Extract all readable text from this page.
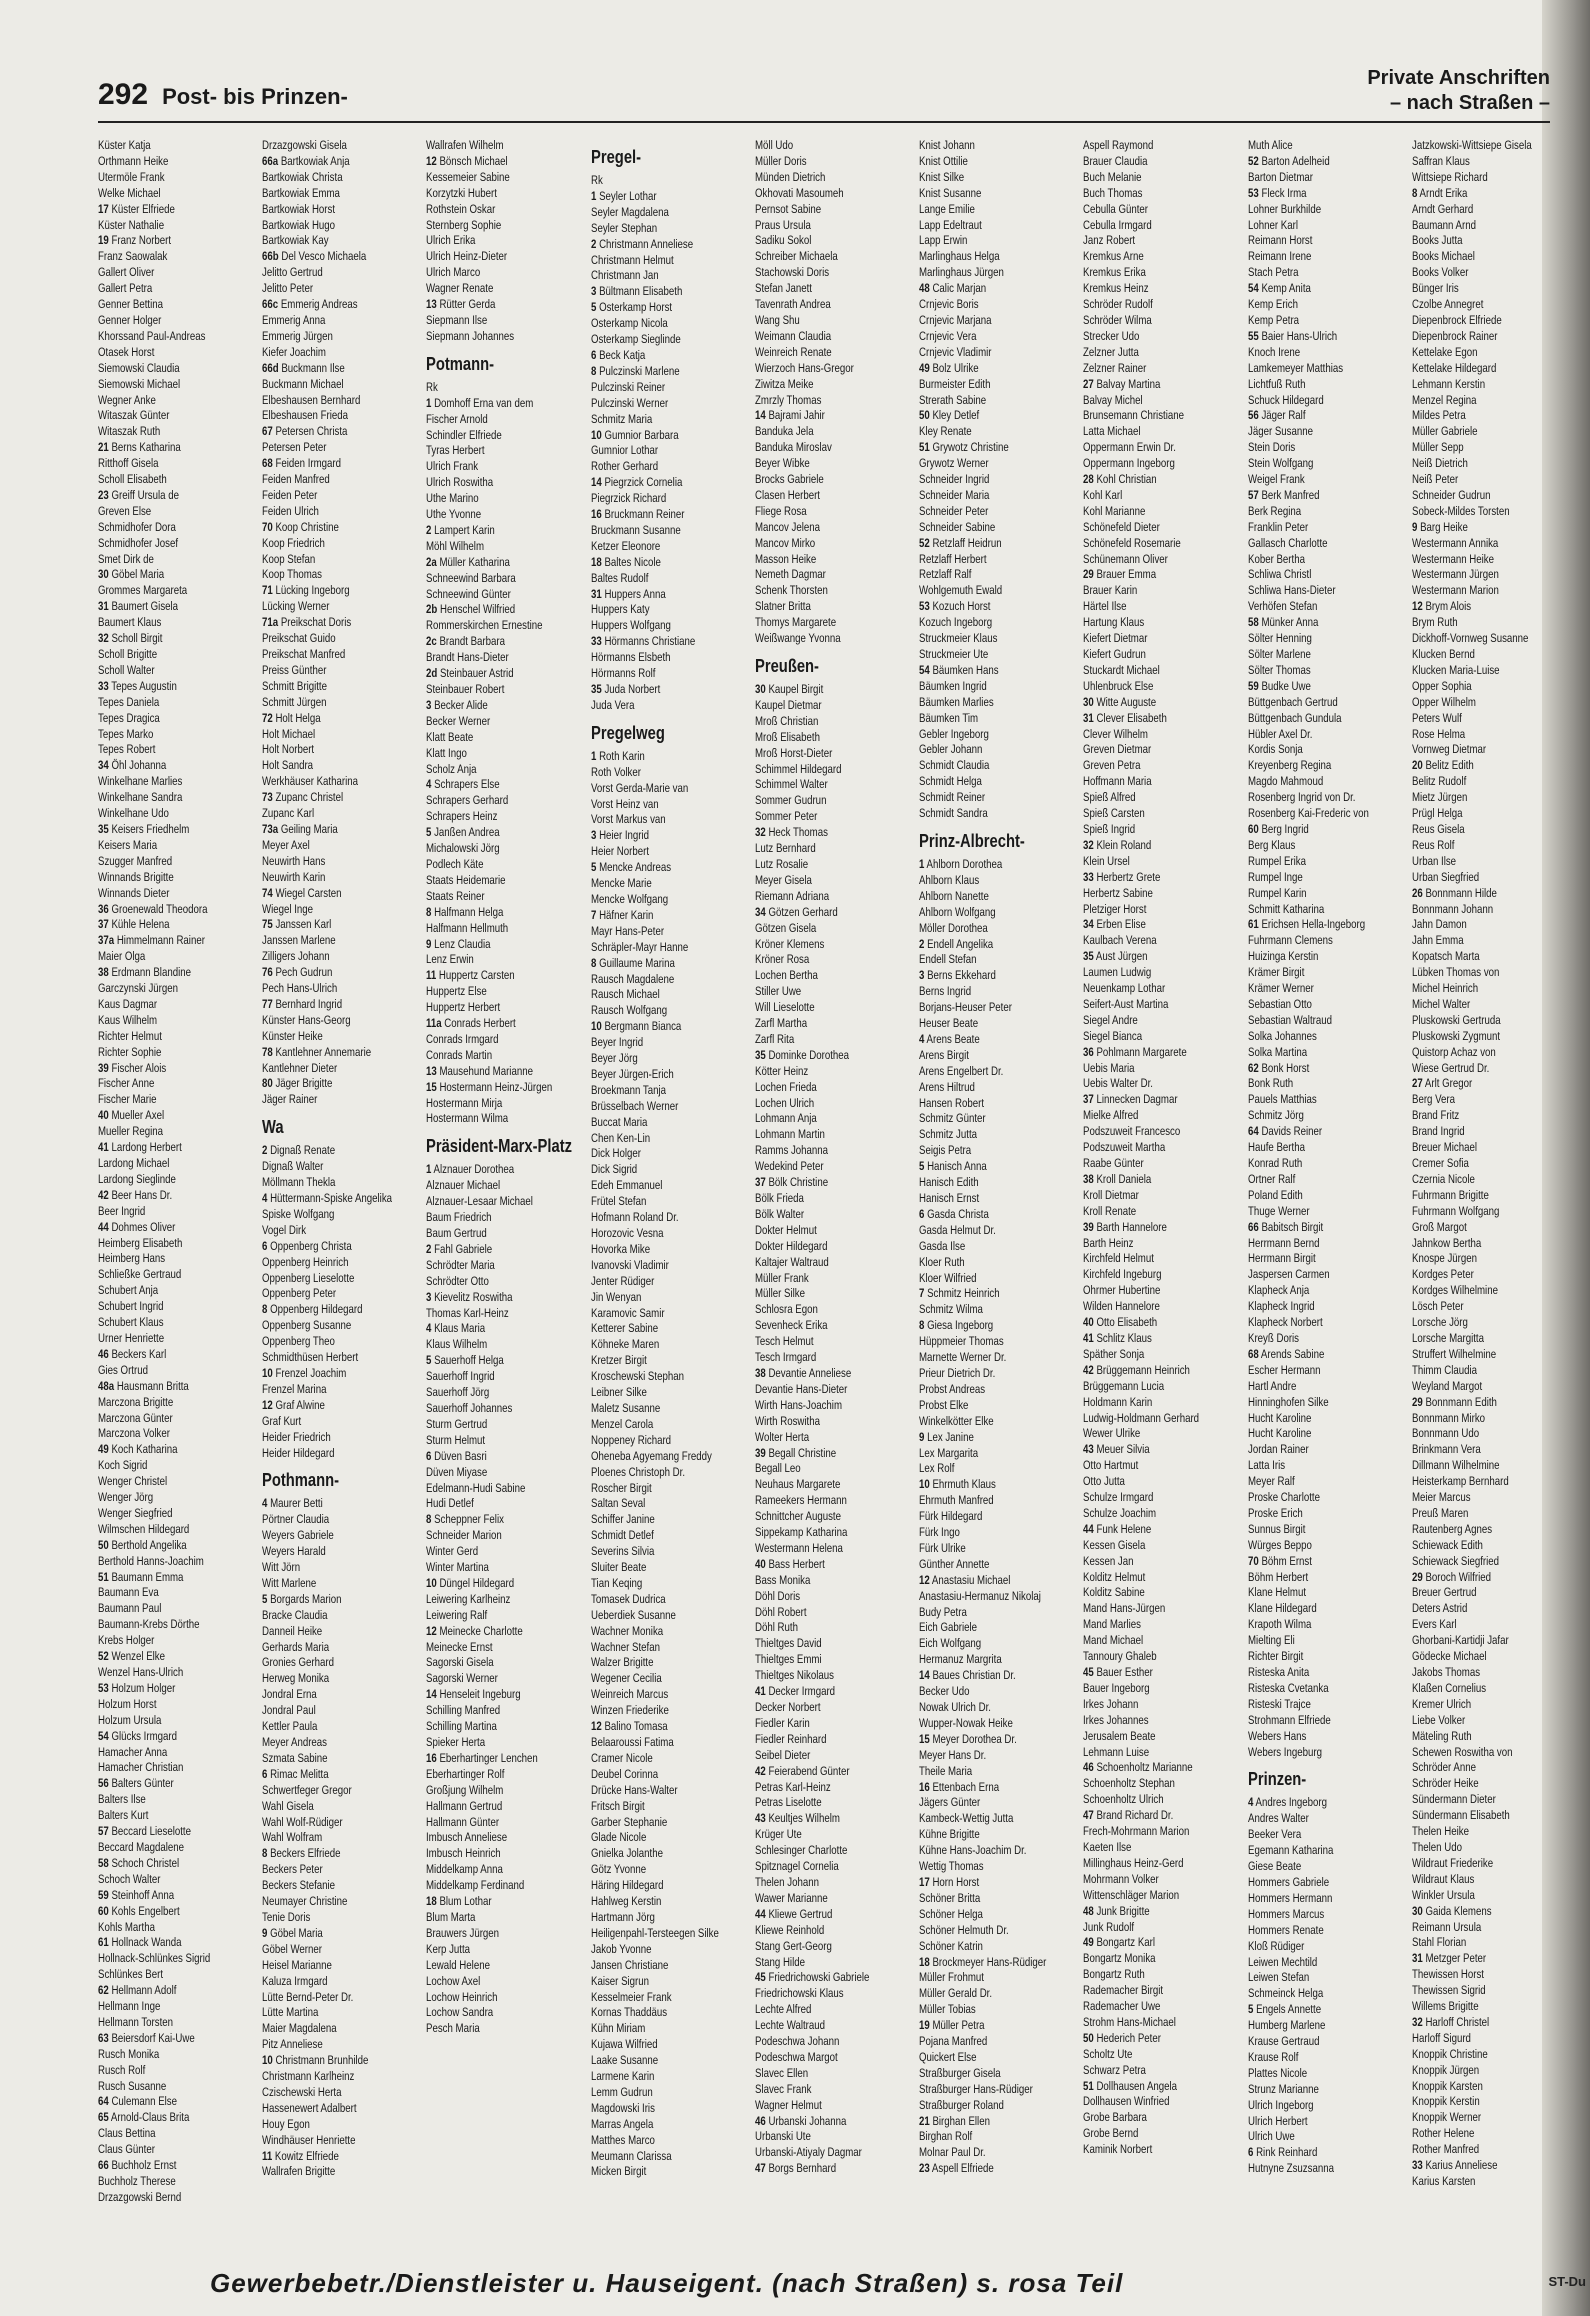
292 Post- bis Prinzen-
Private Anschriften
– nach Straßen –
Küster Katja
Orthmann Heike
Utermöle Frank
Welke Michael
17 Küster Elfriede
Küster Nathalie
19 Franz Norbert
Franz Saowalak
Gallert Oliver
Gallert Petra
Genner Bettina
Genner Holger
Khorssand Paul-Andreas
Otasek Horst
Siemowski Claudia
Siemowski Michael
Wegner Anke
Witaszak Günter
Witaszak Ruth
21 Berns Katharina
Ritthoff Gisela
Scholl Elisabeth
23 Greiff Ursula de
Greven Else
Schmidhofer Dora
Schmidhofer Josef
Smet Dirk de
30 Göbel Maria
Grommes Margareta
31 Baumert Gisela
Baumert Klaus
32 Scholl Birgit
Scholl Brigitte
Scholl Walter
33 Tepes Augustin
Tepes Daniela
Tepes Dragica
Tepes Marko
Tepes Robert
34 Öhl Johanna
Winkelhane Marlies
Winkelhane Sandra
Winkelhane Udo
35 Keisers Friedhelm
Keisers Maria
Szugger Manfred
Winnands Brigitte
Winnands Dieter
36 Groenewald Theodora
37 Kühle Helena
37a Himmelmann Rainer
Maier Olga
38 Erdmann Blandine
Garczynski Jürgen
Kaus Dagmar
Kaus Wilhelm
Richter Helmut
Richter Sophie
39 Fischer Alois
Fischer Anne
Fischer Marie
40 Mueller Axel
Mueller Regina
41 Lardong Herbert
Lardong Michael
Lardong Sieglinde
42 Beer Hans Dr.
Beer Ingrid
44 Dohmes Oliver
Heimberg Elisabeth
Heimberg Hans
Schließke Gertraud
Schubert Anja
Schubert Ingrid
Schubert Klaus
Urner Henriette
46 Beckers Karl
Gies Ortrud
48a Hausmann Britta
Marczona Brigitte
Marczona Günter
Marczona Volker
49 Koch Katharina
Koch Sigrid
Wenger Christel
Wenger Jörg
Wenger Siegfried
Wilmschen Hildegard
50 Berthold Angelika
Berthold Hanns-Joachim
51 Baumann Emma
Baumann Eva
Baumann Paul
Baumann-Krebs Dörthe
Krebs Holger
52 Wenzel Elke
Wenzel Hans-Ulrich
53 Holzum Holger
Holzum Horst
Holzum Ursula
54 Glücks Irmgard
Hamacher Anna
Hamacher Christian
56 Balters Günter
Balters Ilse
Balters Kurt
57 Beccard Lieselotte
Beccard Magdalene
58 Schoch Christel
Schoch Walter
59 Steinhoff Anna
60 Kohls Engelbert
Kohls Martha
61 Hollnack Wanda
Hollnack-Schlünkes Sigrid
Schlünkes Bert
62 Hellmann Adolf
Hellmann Inge
Hellmann Torsten
63 Beiersdorf Kai-Uwe
Rusch Monika
Rusch Rolf
Rusch Susanne
64 Culemann Else
65 Arnold-Claus Brita
Claus Bettina
Claus Günter
66 Buchholz Ernst
Buchholz Therese
Drzazgowski Bernd
Drzazgowski Gisela
66a Bartkowiak Anja
Bartkowiak Christa
Bartkowiak Emma
Bartkowiak Horst
Bartkowiak Hugo
Bartkowiak Kay
66b Del Vesco Michaela
Jelitto Gertrud
Jelitto Peter
66c Emmerig Andreas
Emmerig Anna
Emmerig Jürgen
Kiefer Joachim
66d Buckmann Ilse
Buckmann Michael
Elbeshausen Bernhard
Elbeshausen Frieda
67 Petersen Christa
Petersen Peter
68 Feiden Irmgard
Feiden Manfred
Feiden Peter
Feiden Ulrich
70 Koop Christine
Koop Friedrich
Koop Stefan
Koop Thomas
71 Lücking Ingeborg
Lücking Werner
71a Preikschat Doris
Preikschat Guido
Preikschat Manfred
Preiss Günther
Schmitt Brigitte
Schmitt Jürgen
72 Holt Helga
Holt Michael
Holt Norbert
Holt Sandra
Werkhäuser Katharina
73 Zupanc Christel
Zupanc Karl
73a Geiling Maria
Meyer Axel
Neuwirth Hans
Neuwirth Karin
74 Wiegel Carsten
Wiegel Inge
75 Janssen Karl
Janssen Marlene
Zilligers Johann
76 Pech Gudrun
Pech Hans-Ulrich
77 Bernhard Ingrid
Künster Hans-Georg
Künster Heike
78 Kantlehner Annemarie
Kantlehner Dieter
80 Jäger Brigitte
Jäger Rainer
Wa
2 Dignaß Renate
Dignaß Walter
Möllmann Thekla
4 Hüttermann-Spiske Angelika
Spiske Wolfgang
Vogel Dirk
6 Oppenberg Christa
Oppenberg Heinrich
Oppenberg Lieselotte
Oppenberg Peter
8 Oppenberg Hildegard
Oppenberg Susanne
Oppenberg Theo
Schmidthüsen Herbert
10 Frenzel Joachim
Frenzel Marina
12 Graf Alwine
Graf Kurt
Heider Friedrich
Heider Hildegard
Pothmann-
4 Maurer Betti
Pörtner Claudia
Weyers Gabriele
Weyers Harald
Witt Jörn
Witt Marlene
5 Borgards Marion
Bracke Claudia
Danneil Heike
Gerhards Maria
Gronies Gerhard
Herweg Monika
Jondral Erna
Jondral Paul
Kettler Paula
Meyer Andreas
Szmata Sabine
6 Rimac Melitta
Schwertfeger Gregor
Wahl Gisela
Wahl Wolf-Rüdiger
Wahl Wolfram
8 Beckers Elfriede
Beckers Peter
Beckers Stefanie
Neumayer Christine
Tenie Doris
9 Göbel Maria
Göbel Werner
Heisel Marianne
Kaluza Irmgard
Lütte Bernd-Peter Dr.
Lütte Martina
Maier Magdalena
Pitz Anneliese
10 Christmann Brunhilde
Christmann Karlheinz
Czischewski Herta
Hassenewert Adalbert
Houy Egon
Windhäuser Henriette
11 Kowitz Elfriede
Wallrafen Brigitte
Wallrafen Wilhelm
12 Bönsch Michael
Kessemeier Sabine
Korzytzki Hubert
Rothstein Oskar
Sternberg Sophie
Ulrich Erika
Ulrich Heinz-Dieter
Ulrich Marco
Wagner Renate
13 Rütter Gerda
Siepmann Ilse
Siepmann Johannes
Potmann-
Rk
1 Domhoff Erna van dem
Fischer Arnold
Schindler Elfriede
Tyras Herbert
Ulrich Frank
Ulrich Roswitha
Uthe Marino
Uthe Yvonne
2 Lampert Karin
Möhl Wilhelm
2a Müller Katharina
Schneewind Barbara
Schneewind Günter
2b Henschel Wilfried
Rommerskirchen Ernestine
2c Brandt Barbara
Brandt Hans-Dieter
2d Steinbauer Astrid
Steinbauer Robert
3 Becker Alide
Becker Werner
Klatt Beate
Klatt Ingo
Scholz Anja
4 Schrapers Else
Schrapers Gerhard
Schrapers Heinz
5 Janßen Andrea
Michalowski Jörg
Podlech Käte
Staats Heidemarie
Staats Reiner
8 Halfmann Helga
Halfmann Hellmuth
9 Lenz Claudia
Lenz Erwin
11 Huppertz Carsten
Huppertz Else
Huppertz Herbert
11a Conrads Herbert
Conrads Irmgard
Conrads Martin
13 Mausehund Marianne
15 Hostermann Heinz-Jürgen
Hostermann Mirja
Hostermann Wilma
Präsident-Marx-Platz
1 Alznauer Dorothea
Alznauer Michael
Alznauer-Lesaar Michael
Baum Friedrich
Baum Gertrud
2 Fahl Gabriele
Schrödter Maria
Schrödter Otto
3 Kievelitz Roswitha
Thomas Karl-Heinz
4 Klaus Maria
Klaus Wilhelm
5 Sauerhoff Helga
Sauerhoff Ingrid
Sauerhoff Jörg
Sauerhoff Johannes
Sturm Gertrud
Sturm Helmut
6 Düven Basri
Düven Miyase
Edelmann-Hudi Sabine
Hudi Detlef
8 Scheppner Felix
Schneider Marion
Winter Gerd
Winter Martina
10 Düngel Hildegard
Leiwering Karlheinz
Leiwering Ralf
12 Meinecke Charlotte
Meinecke Ernst
Sagorski Gisela
Sagorski Werner
14 Henseleit Ingeburg
Schilling Manfred
Schilling Martina
Spieker Herta
16 Eberhartinger Lenchen
Eberhartinger Rolf
Großjung Wilhelm
Hallmann Gertrud
Hallmann Günter
Imbusch Anneliese
Imbusch Heinrich
Middelkamp Anna
Middelkamp Ferdinand
18 Blum Lothar
Blum Marta
Brauwers Jürgen
Kerp Jutta
Lewald Helene
Lochow Axel
Lochow Heinrich
Lochow Sandra
Pesch Maria
Pregel-
Rk
1 Seyler Lothar
Seyler Magdalena
Seyler Stephan
2 Christmann Anneliese
Christmann Helmut
Christmann Jan
3 Bültmann Elisabeth
5 Osterkamp Horst
Osterkamp Nicola
Osterkamp Sieglinde
6 Beck Katja
8 Pulczinski Marlene
Pulczinski Reiner
Pulczinski Werner
Schmitz Maria
10 Gumnior Barbara
Gumnior Lothar
Rother Gerhard
14 Piegrzick Cornelia
Piegrzick Richard
16 Bruckmann Reiner
Bruckmann Susanne
Ketzer Eleonore
18 Baltes Nicole
Baltes Rudolf
31 Huppers Anna
Huppers Katy
Huppers Wolfgang
33 Hörmanns Christiane
Hörmanns Elsbeth
Hörmanns Rolf
35 Juda Norbert
Juda Vera
Pregelweg
1 Roth Karin
Roth Volker
Vorst Gerda-Marie van
Vorst Heinz van
Vorst Markus van
3 Heier Ingrid
Heier Norbert
5 Mencke Andreas
Mencke Marie
Mencke Wolfgang
7 Häfner Karin
Mayr Hans-Peter
Schräpler-Mayr Hanne
8 Guillaume Marina
Rausch Magdalene
Rausch Michael
Rausch Wolfgang
10 Bergmann Bianca
Beyer Ingrid
Beyer Jörg
Beyer Jürgen-Erich
Broekmann Tanja
Brüsselbach Werner
Buccat Maria
Chen Ken-Lin
Dick Holger
Dick Sigrid
Edeh Emmanuel
Frütel Stefan
Hofmann Roland Dr.
Horozovic Vesna
Hovorka Mike
Ivanovski Vladimir
Jenter Rüdiger
Jin Wenyan
Karamovic Samir
Ketterer Sabine
Köhneke Maren
Kretzer Birgit
Kroschewski Stephan
Leibner Silke
Maletz Susanne
Menzel Carola
Noppeney Richard
Oheneba Agyemang Freddy
Ploenes Christoph Dr.
Roscher Birgit
Saltan Seval
Schiffer Janine
Schmidt Detlef
Severins Silvia
Sluiter Beate
Tian Keqing
Tomasek Dudrica
Ueberdiek Susanne
Wachner Monika
Wachner Stefan
Walzer Brigitte
Wegener Cecilia
Weinreich Marcus
Winzen Friederike
12 Balino Tomasa
Belaaroussi Fatima
Cramer Nicole
Deubel Corinna
Drücke Hans-Walter
Fritsch Birgit
Garber Stephanie
Glade Nicole
Gnielka Jolanthe
Götz Yvonne
Häring Hildegard
Hahlweg Kerstin
Hartmann Jörg
Heiligenpahl-Tersteegen Silke
Jakob Yvonne
Jansen Christiane
Kaiser Sigrun
Kesselmeier Frank
Kornas Thaddäus
Kühn Miriam
Kujawa Wilfried
Laake Susanne
Larmene Karin
Lemm Gudrun
Magdowski Iris
Marras Angela
Matthes Marco
Meumann Clarissa
Micken Birgit
Möll Udo
Müller Doris
Münden Dietrich
Okhovati Masoumeh
Pernsot Sabine
Praus Ursula
Sadiku Sokol
Schreiber Michaela
Stachowski Doris
Stefan Janett
Tavenrath Andrea
Wang Shu
Weimann Claudia
Weinreich Renate
Wierzoch Hans-Gregor
Ziwitza Meike
Zmrzly Thomas
14 Bajrami Jahir
Banduka Jela
Banduka Miroslav
Beyer Wibke
Brocks Gabriele
Clasen Herbert
Fliege Rosa
Mancov Jelena
Mancov Mirko
Masson Heike
Nemeth Dagmar
Schenk Thorsten
Slatner Britta
Thomys Margarete
Weißwange Yvonna
Preußen-
30 Kaupel Birgit
Kaupel Dietmar
Mroß Christian
Mroß Elisabeth
Mroß Horst-Dieter
Schimmel Hildegard
Schimmel Walter
Sommer Gudrun
Sommer Peter
32 Heck Thomas
Lutz Bernhard
Lutz Rosalie
Meyer Gisela
Riemann Adriana
34 Götzen Gerhard
Götzen Gisela
Kröner Klemens
Kröner Rosa
Lochen Bertha
Stiller Uwe
Will Lieselotte
Zarfl Martha
Zarfl Rita
35 Dominke Dorothea
Kötter Heinz
Lochen Frieda
Lochen Ulrich
Lohmann Anja
Lohmann Martin
Ramms Johanna
Wedekind Peter
37 Bölk Christine
Bölk Frieda
Bölk Walter
Dokter Helmut
Dokter Hildegard
Kaltajer Waltraud
Müller Frank
Müller Silke
Schlosra Egon
Sevenheck Erika
Tesch Helmut
Tesch Irmgard
38 Devantie Anneliese
Devantie Hans-Dieter
Wirth Hans-Joachim
Wirth Roswitha
Wolter Herta
39 Begall Christine
Begall Leo
Neuhaus Margarete
Rameekers Hermann
Schnittcher Auguste
Sippekamp Katharina
Westermann Helena
40 Bass Herbert
Bass Monika
Döhl Doris
Döhl Robert
Döhl Ruth
Thieltges David
Thieltges Emmi
Thieltges Nikolaus
41 Decker Irmgard
Decker Norbert
Fiedler Karin
Fiedler Reinhard
Seibel Dieter
42 Feierabend Günter
Petras Karl-Heinz
Petras Liselotte
43 Keultjes Wilhelm
Krüger Ute
Schlesinger Charlotte
Spitznagel Cornelia
Thelen Johann
Wawer Marianne
44 Kliewe Gertrud
Kliewe Reinhold
Stang Gert-Georg
Stang Hilde
45 Friedrichowski Gabriele
Friedrichowski Klaus
Lechte Alfred
Lechte Waltraud
Podeschwa Johann
Podeschwa Margot
Slavec Ellen
Slavec Frank
Wagner Helmut
46 Urbanski Johanna
Urbanski Ute
Urbanski-Atiyaly Dagmar
47 Borgs Bernhard
Knist Johann
Knist Ottilie
Knist Silke
Knist Susanne
Lange Emilie
Lapp Edeltraut
Lapp Erwin
Marlinghaus Helga
Marlinghaus Jürgen
48 Calic Marjan
Crnjevic Boris
Crnjevic Marjana
Crnjevic Vera
Crnjevic Vladimir
49 Bolz Ulrike
Burmeister Edith
Strerath Sabine
50 Kley Detlef
Kley Renate
51 Grywotz Christine
Grywotz Werner
Schneider Ingrid
Schneider Maria
Schneider Peter
Schneider Sabine
52 Retzlaff Heidrun
Retzlaff Herbert
Retzlaff Ralf
Wohlgemuth Ewald
53 Kozuch Horst
Kozuch Ingeborg
Struckmeier Klaus
Struckmeier Ute
54 Bäumken Hans
Bäumken Ingrid
Bäumken Marlies
Bäumken Tim
Gebler Ingeborg
Gebler Johann
Schmidt Claudia
Schmidt Helga
Schmidt Reiner
Schmidt Sandra
Prinz-Albrecht-
1 Ahlborn Dorothea
Ahlborn Klaus
Ahlborn Nanette
Ahlborn Wolfgang
Möller Dorothea
2 Endell Angelika
Endell Stefan
3 Berns Ekkehard
Berns Ingrid
Borjans-Heuser Peter
Heuser Beate
4 Arens Beate
Arens Birgit
Arens Engelbert Dr.
Arens Hiltrud
Hansen Robert
Schmitz Günter
Schmitz Jutta
Seigis Petra
5 Hanisch Anna
Hanisch Edith
Hanisch Ernst
6 Gasda Christa
Gasda Helmut Dr.
Gasda Ilse
Kloer Ruth
Kloer Wilfried
7 Schmitz Heinrich
Schmitz Wilma
8 Giesa Ingeborg
Hüppmeier Thomas
Marnette Werner Dr.
Prieur Dietrich Dr.
Probst Andreas
Probst Elke
Winkelkötter Elke
9 Lex Janine
Lex Margarita
Lex Rolf
10 Ehrmuth Klaus
Ehrmuth Manfred
Fürk Hildegard
Fürk Ingo
Fürk Ulrike
Günther Annette
12 Anastasiu Michael
Anastasiu-Hermanuz Nikolaj
Budy Petra
Eich Gabriele
Eich Wolfgang
Hermanuz Margrita
14 Baues Christian Dr.
Becker Udo
Nowak Ulrich Dr.
Wupper-Nowak Heike
15 Meyer Dorothea Dr.
Meyer Hans Dr.
Theile Maria
16 Ettenbach Erna
Jägers Günter
Kambeck-Wettig Jutta
Kühne Brigitte
Kühne Hans-Joachim Dr.
Wettig Thomas
17 Horn Horst
Schöner Britta
Schöner Helga
Schöner Helmuth Dr.
Schöner Katrin
18 Brockmeyer Hans-Rüdiger
Müller Frohmut
Müller Gerald Dr.
Müller Tobias
19 Müller Petra
Pojana Manfred
Quickert Else
Straßburger Gisela
Straßburger Hans-Rüdiger
Straßburger Roland
21 Birghan Ellen
Birghan Rolf
Molnar Paul Dr.
23 Aspell Elfriede
Aspell Raymond
Brauer Claudia
Buch Melanie
Buch Thomas
Cebulla Günter
Cebulla Irmgard
Janz Robert
Kremkus Arne
Kremkus Erika
Kremkus Heinz
Schröder Rudolf
Schröder Wilma
Strecker Udo
Zelzner Jutta
Zelzner Rainer
27 Balvay Martina
Balvay Michel
Brunsemann Christiane
Latta Michael
Oppermann Erwin Dr.
Oppermann Ingeborg
28 Kohl Christian
Kohl Karl
Kohl Marianne
Schönefeld Dieter
Schönefeld Rosemarie
Schünemann Oliver
29 Brauer Emma
Brauer Karin
Härtel Ilse
Hartung Klaus
Kiefert Dietmar
Kiefert Gudrun
Stuckardt Michael
Uhlenbruck Else
30 Witte Auguste
31 Clever Elisabeth
Clever Wilhelm
Greven Dietmar
Greven Petra
Hoffmann Maria
Spieß Alfred
Spieß Carsten
Spieß Ingrid
32 Klein Roland
Klein Ursel
33 Herbertz Grete
Herbertz Sabine
Pletziger Horst
34 Erben Elise
Kaulbach Verena
35 Aust Jürgen
Laumen Ludwig
Neuenkamp Lothar
Seifert-Aust Martina
Siegel Andre
Siegel Bianca
36 Pohlmann Margarete
Uebis Maria
Uebis Walter Dr.
37 Linnecken Dagmar
Mielke Alfred
Podszuweit Francesco
Podszuweit Martha
Raabe Günter
38 Kroll Daniela
Kroll Dietmar
Kroll Renate
39 Barth Hannelore
Barth Heinz
Kirchfeld Helmut
Kirchfeld Ingeburg
Ohrmer Hubertine
Wilden Hannelore
40 Otto Elisabeth
41 Schlitz Klaus
Späther Sonja
42 Brüggemann Heinrich
Brüggemann Lucia
Holdmann Karin
Ludwig-Holdmann Gerhard
Wewer Ulrike
43 Meuer Silvia
Otto Hartmut
Otto Jutta
Schulze Irmgard
Schulze Joachim
44 Funk Helene
Kessen Gisela
Kessen Jan
Kolditz Helmut
Kolditz Sabine
Mand Hans-Jürgen
Mand Marlies
Mand Michael
Tannoury Ghaleb
45 Bauer Esther
Bauer Ingeborg
Irkes Johann
Irkes Johannes
Jerusalem Beate
Lehmann Luise
46 Schoenholtz Marianne
Schoenholtz Stephan
Schoenholtz Ulrich
47 Brand Richard Dr.
Frech-Mohrmann Marion
Kaeten Ilse
Millinghaus Heinz-Gerd
Mohrmann Volker
Wittenschläger Marion
48 Junk Brigitte
Junk Rudolf
49 Bongartz Karl
Bongartz Monika
Bongartz Ruth
Rademacher Birgit
Rademacher Uwe
Strohm Hans-Michael
50 Hederich Peter
Scholtz Ute
Schwarz Petra
51 Dollhausen Angela
Dollhausen Winfried
Grobe Barbara
Grobe Bernd
Kaminik Norbert
Muth Alice
52 Barton Adelheid
Barton Dietmar
53 Fleck Irma
Lohner Burkhilde
Lohner Karl
Reimann Horst
Reimann Irene
Stach Petra
54 Kemp Anita
Kemp Erich
Kemp Petra
55 Baier Hans-Ulrich
Knoch Irene
Lamkemeyer Matthias
Lichtfuß Ruth
Schuck Hildegard
56 Jäger Ralf
Jäger Susanne
Stein Doris
Stein Wolfgang
Weigel Frank
57 Berk Manfred
Berk Regina
Franklin Peter
Gallasch Charlotte
Kober Bertha
Schliwa Christl
Schliwa Hans-Dieter
Verhöfen Stefan
58 Münker Anna
Sölter Henning
Sölter Marlene
Sölter Thomas
59 Budke Uwe
Büttgenbach Gertrud
Büttgenbach Gundula
Hübler Axel Dr.
Kordis Sonja
Kreyenberg Regina
Magdo Mahmoud
Rosenberg Ingrid von Dr.
Rosenberg Kai-Frederic von
60 Berg Ingrid
Berg Klaus
Rumpel Erika
Rumpel Inge
Rumpel Karin
Schmitt Katharina
61 Erichsen Hella-Ingeborg
Fuhrmann Clemens
Huizinga Kerstin
Krämer Birgit
Krämer Werner
Sebastian Otto
Sebastian Waltraud
Solka Johannes
Solka Martina
62 Bonk Horst
Bonk Ruth
Pauels Matthias
Schmitz Jörg
64 Davids Reiner
Haufe Bertha
Konrad Ruth
Ortner Ralf
Poland Edith
Thuge Werner
66 Babitsch Birgit
Herrmann Bernd
Herrmann Birgit
Jaspersen Carmen
Klapheck Anja
Klapheck Ingrid
Klapheck Norbert
Kreyß Doris
68 Arends Sabine
Escher Hermann
Hartl Andre
Hinninghofen Silke
Hucht Karoline
Hucht Karoline
Jordan Rainer
Latta Iris
Meyer Ralf
Proske Charlotte
Proske Erich
Sunnus Birgit
Würges Beppo
70 Böhm Ernst
Böhm Herbert
Klane Helmut
Klane Hildegard
Krapoth Wilma
Mielting Eli
Richter Birgit
Risteska Anita
Risteska Cvetanka
Risteski Trajce
Strohmann Elfriede
Webers Hans
Webers Ingeburg
Prinzen-
4 Andres Ingeborg
Andres Walter
Beeker Vera
Egemann Katharina
Giese Beate
Hommers Gabriele
Hommers Hermann
Hommers Marcus
Hommers Renate
Kloß Rüdiger
Leiwen Mechtild
Leiwen Stefan
Schmeinck Helga
5 Engels Annette
Humberg Marlene
Krause Gertraud
Krause Rolf
Plattes Nicole
Strunz Marianne
Ulrich Ingeborg
Ulrich Herbert
Ulrich Uwe
6 Rink Reinhard
Hutnyne Zsuzsanna
Jatzkowski-Wittsiepe Gisela
Saffran Klaus
Wittsiepe Richard
8 Arndt Erika
Arndt Gerhard
Baumann Arnd
Books Jutta
Books Michael
Books Volker
Bünger Iris
Czolbe Annegret
Diepenbrock Elfriede
Diepenbrock Rainer
Kettelake Egon
Kettelake Hildegard
Lehmann Kerstin
Menzel Regina
Mildes Petra
Müller Gabriele
Müller Sepp
Neiß Dietrich
Neiß Peter
Schneider Gudrun
Sobeck-Mildes Torsten
9 Barg Heike
Westermann Annika
Westermann Heike
Westermann Jürgen
Westermann Marion
12 Brym Alois
Brym Ruth
Dickhoff-Vornweg Susanne
Klucken Bernd
Klucken Maria-Luise
Opper Sophia
Opper Wilhelm
Peters Wulf
Rose Helma
Vornweg Dietmar
20 Belitz Edith
Belitz Rudolf
Mietz Jürgen
Prügl Helga
Reus Gisela
Reus Rolf
Urban Ilse
Urban Siegfried
26 Bonnmann Hilde
Bonnmann Johann
Jahn Damon
Jahn Emma
Kopatsch Marta
Lübken Thomas von
Michel Heinrich
Michel Walter
Pluskowski Gertruda
Pluskowski Zygmunt
Quistorp Achaz von
Wiese Gertrud Dr.
27 Arlt Gregor
Berg Vera
Brand Fritz
Brand Ingrid
Breuer Michael
Cremer Sofia
Czernia Nicole
Fuhrmann Brigitte
Fuhrmann Wolfgang
Groß Margot
Jahnkow Bertha
Knospe Jürgen
Kordges Peter
Kordges Wilhelmine
Lösch Peter
Lorsche Jörg
Lorsche Margitta
Struffert Wilhelmine
Thimm Claudia
Weyland Margot
29 Bonnmann Edith
Bonnmann Mirko
Bonnmann Udo
Brinkmann Vera
Dillmann Wilhelmine
Heisterkamp Bernhard
Meier Marcus
Preuß Maren
Rautenberg Agnes
Schiewack Edith
Schiewack Siegfried
29 Boroch Wilfried
Breuer Gertrud
Deters Astrid
Evers Karl
Ghorbani-Kartidji Jafar
Gödecke Michael
Jakobs Thomas
Klaßen Cornelius
Kremer Ulrich
Liebe Volker
Mäteling Ruth
Schewen Roswitha von
Schröder Anne
Schröder Heike
Sündermann Dieter
Sündermann Elisabeth
Thelen Heike
Thelen Udo
Wildraut Friederike
Wildraut Klaus
Winkler Ursula
30 Gaida Klemens
Reimann Ursula
Stahl Florian
31 Metzger Peter
Thewissen Horst
Thewissen Sigrid
Willems Brigitte
32 Harloff Christel
Harloff Sigurd
Knoppik Christine
Knoppik Jürgen
Knoppik Karsten
Knoppik Kerstin
Knoppik Werner
Rother Helene
Rother Manfred
33 Karius Anneliese
Karius Karsten
Gewerbebetr./Dienstleister u. Hauseigent. (nach Straßen) s. rosa Teil	ST-Du
